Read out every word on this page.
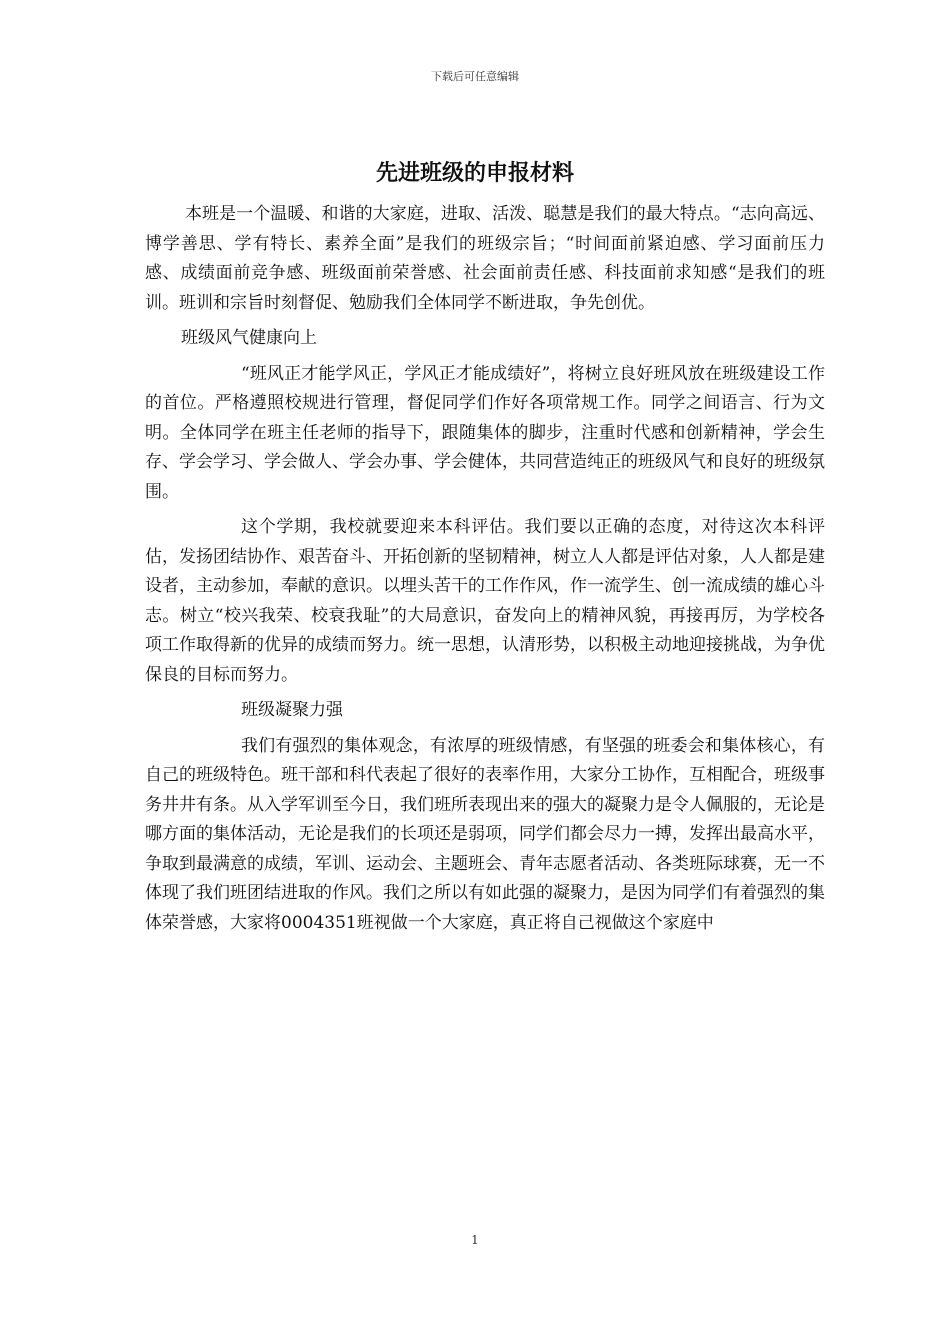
下载后可任意编辑
先进班级的申报材料

本班是一个温暖、和谐的大家庭，进取、活泼、聪慧是我们的最大特点。“志向高远、博学善思、学有特长、素养全面”是我们的班级宗旨；“时间面前紧迫感、学习面前压力感、成绩面前竞争感、班级面前荣誉感、社会面前责任感、科技面前求知感“是我们的班训。班训和宗旨时刻督促、勉励我们全体同学不断进取，争先创优。

班级风气健康向上

“班风正才能学风正，学风正才能成绩好”，将树立良好班风放在班级建设工作的首位。严格遵照校规进行管理，督促同学们作好各项常规工作。同学之间语言、行为文明。全体同学在班主任老师的指导下，跟随集体的脚步，注重时代感和创新精神，学会生存、学会学习、学会做人、学会办事、学会健体，共同营造纯正的班级风气和良好的班级氛围。

这个学期，我校就要迎来本科评估。我们要以正确的态度，对待这次本科评估，发扬团结协作、艰苦奋斗、开拓创新的坚韧精神，树立人人都是评估对象，人人都是建设者，主动参加，奉献的意识。以埋头苦干的工作作风，作一流学生、创一流成绩的雄心斗志。树立“校兴我荣、校衰我耻”的大局意识，奋发向上的精神风貌，再接再厉，为学校各项工作取得新的优异的成绩而努力。统一思想，认清形势，以积极主动地迎接挑战，为争优保良的目标而努力。

班级凝聚力强

我们有强烈的集体观念，有浓厚的班级情感，有坚强的班委会和集体核心，有自己的班级特色。班干部和科代表起了很好的表率作用，大家分工协作，互相配合，班级事务井井有条。从入学军训至今日，我们班所表现出来的强大的凝聚力是令人佩服的，无论是哪方面的集体活动，无论是我们的长项还是弱项，同学们都会尽力一搏，发挥出最高水平，争取到最满意的成绩，军训、运动会、主题班会、青年志愿者活动、各类班际球赛，无一不体现了我们班团结进取的作风。我们之所以有如此强的凝聚力，是因为同学们有着强烈的集体荣誉感，大家将0004351班视做一个大家庭，真正将自己视做这个家庭中

1
